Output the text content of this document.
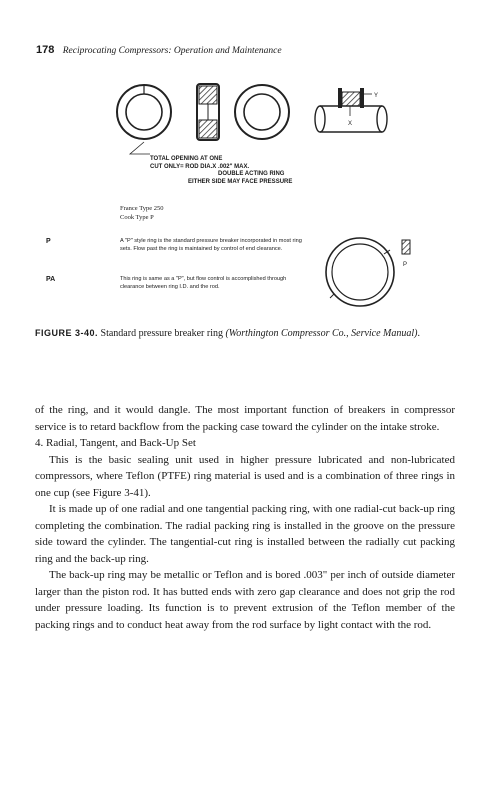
178 Reciprocating Compressors: Operation and Maintenance
Y
X
TOTAL OPENING AT ONE
CUT ONLY= ROD DIA.X .002" MAX.
DOUBLE ACTING RING
EITHER SIDE MAY FACE PRESSURE
France Type 250
Cook Type P
P	A "P" style ring is the standard pressure breaker incorporated in most ring sets. Flow past the ring is maintained by control of end clearance.
PA	This ring is same as a "P", but flow control is accomplished through clearance between ring I.D. and the rod.
P
FIGURE 3-40. Standard pressure breaker ring (Worthington Compressor Co., Service Manual).

of the ring, and it would dangle. The most important function of breakers in compressor service is to retard backflow from the packing case toward the cylinder on the intake stroke.

4. Radial, Tangent, and Back-Up Set

This is the basic sealing unit used in higher pressure lubricated and non-lubricated compressors, where Teflon (PTFE) ring material is used and is a combination of three rings in one cup (see Figure 3-41).

It is made up of one radial and one tangential packing ring, with one radial-cut back-up ring completing the combination. The radial packing ring is installed in the groove on the pressure side toward the cylinder. The tangential-cut ring is installed between the radially cut packing ring and the back-up ring.

The back-up ring may be metallic or Teflon and is bored .003" per inch of outside diameter larger than the piston rod. It has butted ends with zero gap clearance and does not grip the rod under pressure loading. Its function is to prevent extrusion of the Teflon member of the packing rings and to conduct heat away from the rod surface by light contact with the rod.
